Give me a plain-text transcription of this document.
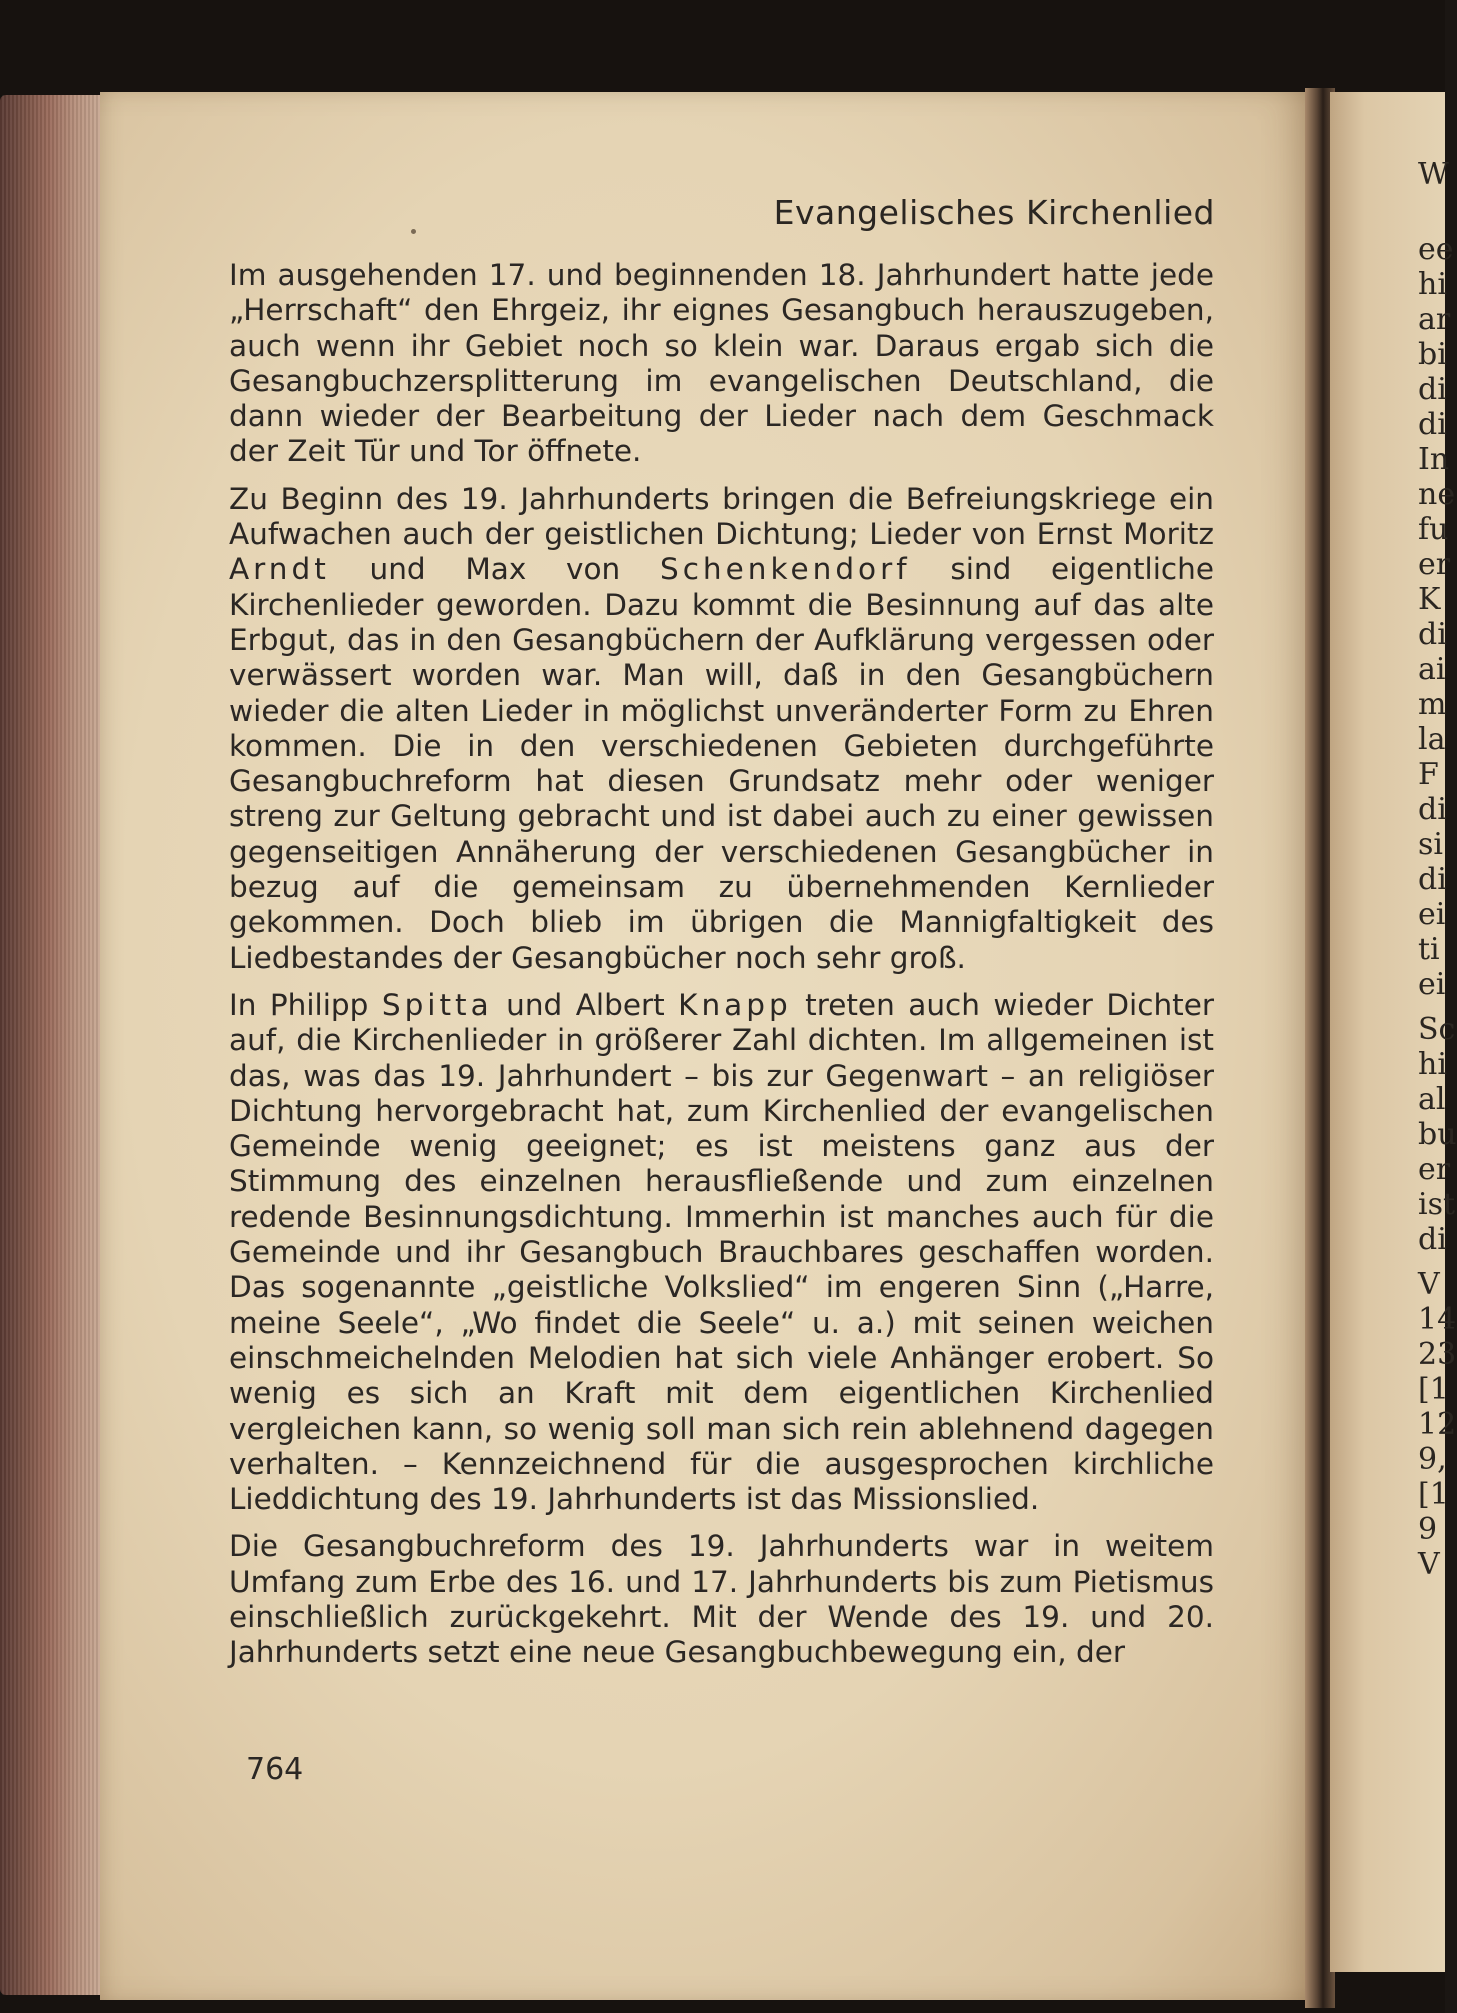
W
ee
hi
ar
bi
di
di
In
ne
fu
er
K
di
ai
m
la
F
di
si
di
ei
ti
ei
Sc
hi
al
bu
er
ist
di
V
14
23
[1
12
9,
[1
9
V
Evangelisches Kirchenlied

Im ausgehenden 17. und beginnenden 18. Jahrhundert hatte jede „Herrschaft“ den Ehrgeiz, ihr eignes Gesangbuch herauszugeben, auch wenn ihr Gebiet noch so klein war. Daraus ergab sich die Gesangbuchzersplitterung im evangelischen Deutschland, die dann wieder der Bearbeitung der Lieder nach dem Geschmack der Zeit Tür und Tor öffnete.

Zu Beginn des 19. Jahrhunderts bringen die Befreiungskriege ein Aufwachen auch der geistlichen Dichtung; Lieder von Ernst Moritz Arndt und Max von Schenkendorf sind eigentliche Kirchenlieder geworden. Dazu kommt die Besinnung auf das alte Erbgut, das in den Gesangbüchern der Aufklärung vergessen oder verwässert worden war. Man will, daß in den Gesangbüchern wieder die alten Lieder in möglichst unveränderter Form zu Ehren kommen. Die in den verschiedenen Gebieten durchgeführte Gesangbuchreform hat diesen Grundsatz mehr oder weniger streng zur Geltung gebracht und ist dabei auch zu einer gewissen gegenseitigen Annäherung der verschiedenen Gesangbücher in bezug auf die gemeinsam zu übernehmenden Kernlieder gekommen. Doch blieb im übrigen die Mannigfaltigkeit des Liedbestandes der Gesangbücher noch sehr groß.

In Philipp Spitta und Albert Knapp treten auch wieder Dichter auf, die Kirchenlieder in größerer Zahl dichten. Im allgemeinen ist das, was das 19. Jahrhundert – bis zur Gegenwart – an religiöser Dichtung hervorgebracht hat, zum Kirchenlied der evangelischen Gemeinde wenig geeignet; es ist meistens ganz aus der Stimmung des einzelnen herausfließende und zum einzelnen redende Besinnungsdichtung. Immerhin ist manches auch für die Gemeinde und ihr Gesangbuch Brauchbares geschaffen worden. Das sogenannte „geistliche Volkslied“ im engeren Sinn („Harre, meine Seele“, „Wo findet die Seele“ u. a.) mit seinen weichen einschmeichelnden Melodien hat sich viele Anhänger erobert. So wenig es sich an Kraft mit dem eigentlichen Kirchenlied vergleichen kann, so wenig soll man sich rein ablehnend dagegen verhalten. – Kennzeichnend für die ausgesprochen kirchliche Lieddichtung des 19. Jahrhunderts ist das Missionslied.

Die Gesangbuchreform des 19. Jahrhunderts war in weitem Umfang zum Erbe des 16. und 17. Jahrhunderts bis zum Pietismus einschließlich zurückgekehrt. Mit der Wende des 19. und 20. Jahrhunderts setzt eine neue Gesangbuchbewegung ein, der

764
